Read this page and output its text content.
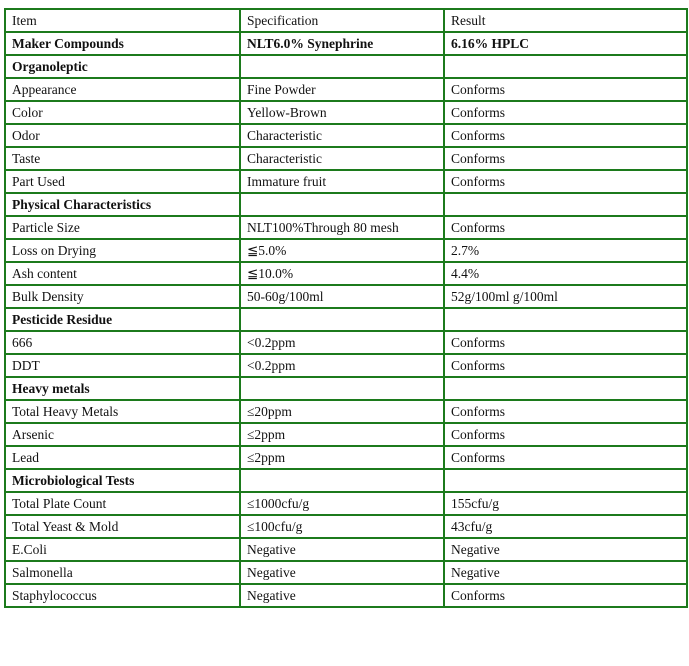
Item	Specification	Result
Maker Compounds	NLT6.0% Synephrine	6.16% HPLC
Organoleptic		
Appearance	Fine Powder	Conforms
Color	Yellow-Brown	Conforms
Odor	Characteristic	Conforms
Taste	Characteristic	Conforms
Part Used	Immature fruit	Conforms
Physical Characteristics		
Particle Size	NLT100%Through 80 mesh	Conforms
Loss on Drying	≦5.0%	2.7%
Ash content	≦10.0%	4.4%
Bulk Density	50-60g/100ml	52g/100ml g/100ml
Pesticide Residue		
666	<0.2ppm	Conforms
DDT	<0.2ppm	Conforms
Heavy metals		
Total Heavy Metals	≤20ppm	Conforms
Arsenic	≤2ppm	Conforms
Lead	≤2ppm	Conforms
Microbiological Tests		
Total Plate Count	≤1000cfu/g	155cfu/g
Total Yeast & Mold	≤100cfu/g	43cfu/g
E.Coli	Negative	Negative
Salmonella	Negative	Negative
Staphylococcus	Negative	Conforms
